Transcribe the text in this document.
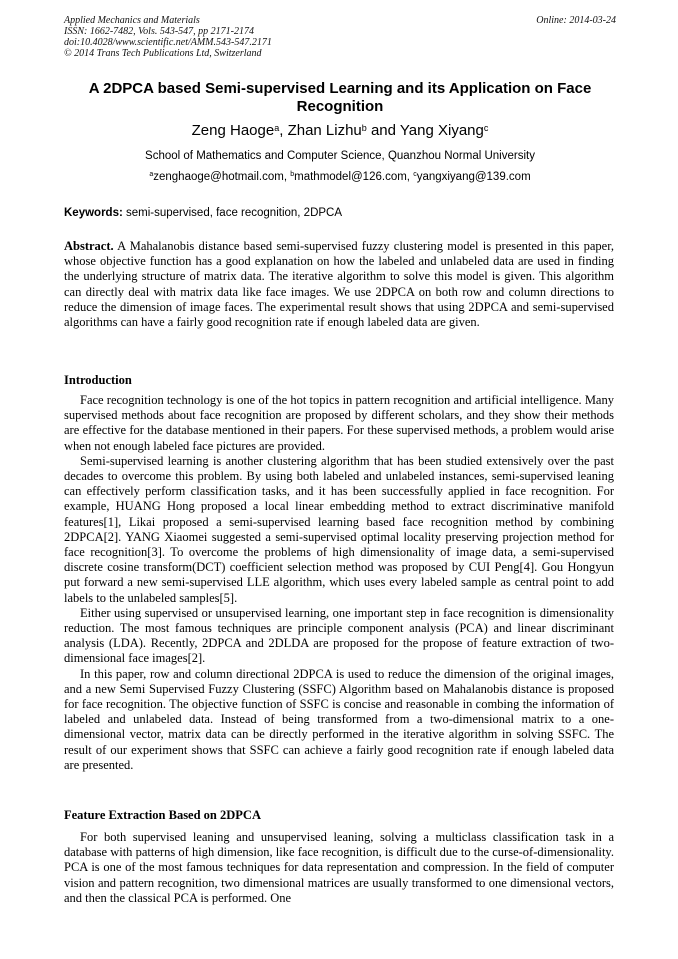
Applied Mechanics and Materials
ISSN: 1662-7482, Vols. 543-547, pp 2171-2174
doi:10.4028/www.scientific.net/AMM.543-547.2171
© 2014 Trans Tech Publications Ltd, Switzerland
Online: 2014-03-24
A 2DPCA based Semi-supervised Learning and its Application on Face Recognition
Zeng Haoge$^a$, Zhan Lizhu$^b$ and Yang Xiyang$^c$
School of Mathematics and Computer Science, Quanzhou Normal University
$^a$zenghaoge@hotmail.com, $^b$mathmodel@126.com, $^c$yangxiyang@139.com
Keywords: semi-supervised, face recognition, 2DPCA

Abstract. A Mahalanobis distance based semi-supervised fuzzy clustering model is presented in this paper, whose objective function has a good explanation on how the labeled and unlabeled data are used in finding the underlying structure of matrix data. The iterative algorithm to solve this model is given. This algorithm can directly deal with matrix data like face images. We use 2DPCA on both row and column directions to reduce the dimension of image faces. The experimental result shows that using 2DPCA and semi-supervised algorithms can have a fairly good recognition rate if enough labeled data are given.

Introduction

Face recognition technology is one of the hot topics in pattern recognition and artificial intelligence. Many supervised methods about face recognition are proposed by different scholars, and they show their methods are effective for the database mentioned in their papers. For these supervised methods, a problem would arise when not enough labeled face pictures are provided.

Semi-supervised learning is another clustering algorithm that has been studied extensively over the past decades to overcome this problem. By using both labeled and unlabeled instances, semi-supervised leaning can effectively perform classification tasks, and it has been successfully applied in face recognition. For example, HUANG Hong proposed a local linear embedding method to extract discriminative manifold features[1], Likai proposed a semi-supervised learning based face recognition method by combining 2DPCA[2]. YANG Xiaomei suggested a semi-supervised optimal locality preserving projection method for face recognition[3]. To overcome the problems of high dimensionality of image data, a semi-supervised discrete cosine transform(DCT) coefficient selection method was proposed by CUI Peng[4]. Gou Hongyun put forward a new semi-supervised LLE algorithm, which uses every labeled sample as central point to add labels to the unlabeled samples[5].

Either using supervised or unsupervised learning, one important step in face recognition is dimensionality reduction. The most famous techniques are principle component analysis (PCA) and linear discriminant analysis (LDA). Recently, 2DPCA and 2DLDA are proposed for the propose of feature extraction of two-dimensional face images[2].

In this paper, row and column directional 2DPCA is used to reduce the dimension of the original images, and a new Semi Supervised Fuzzy Clustering (SSFC) Algorithm based on Mahalanobis distance is proposed for face recognition. The objective function of SSFC is concise and reasonable in combing the information of labeled and unlabeled data. Instead of being transformed from a two-dimensional matrix to a one-dimensional vector, matrix data can be directly performed in the iterative algorithm in solving SSFC. The result of our experiment shows that SSFC can achieve a fairly good recognition rate if enough labeled data are presented.

Feature Extraction Based on 2DPCA

For both supervised leaning and unsupervised leaning, solving a multiclass classification task in a database with patterns of high dimension, like face recognition, is difficult due to the curse-of-dimensionality. PCA is one of the most famous techniques for data representation and compression. In the field of computer vision and pattern recognition, two dimensional matrices are usually transformed to one dimensional vectors, and then the classical PCA is performed. One
